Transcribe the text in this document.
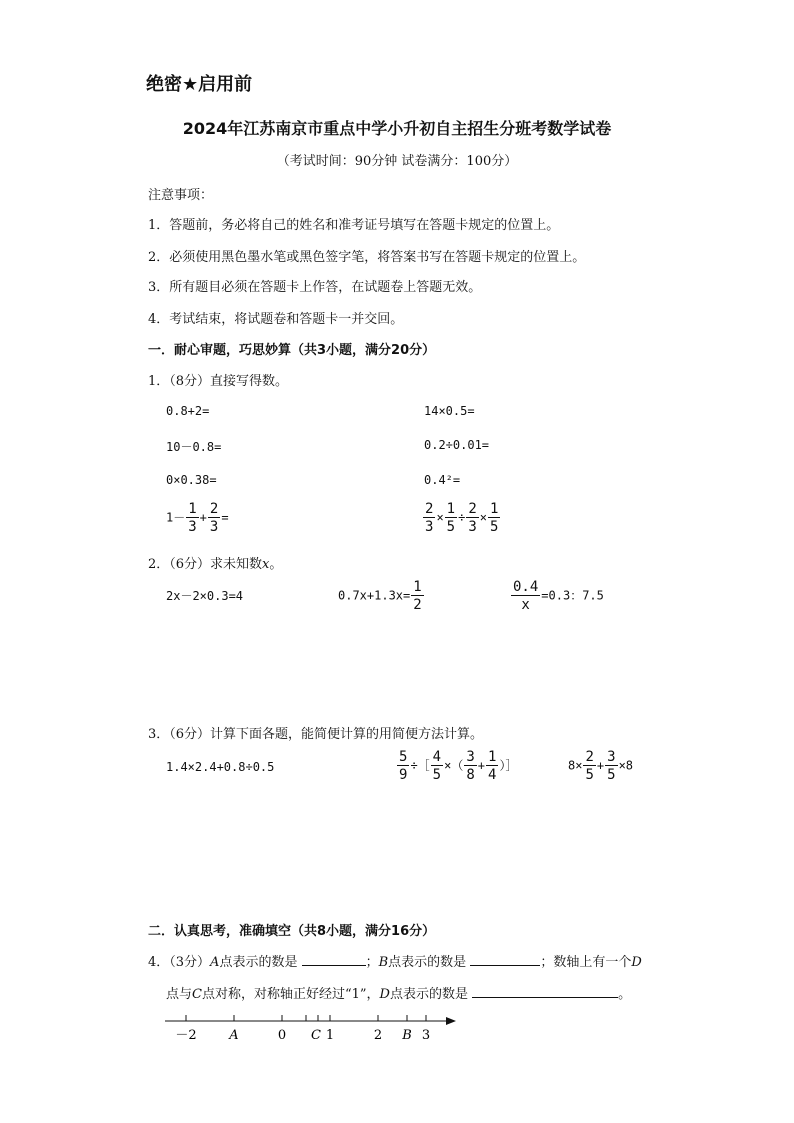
绝密★启用前
2024年江苏南京市重点中学小升初自主招生分班考数学试卷
（考试时间：90分钟 试卷满分：100分）
注意事项：
1．答题前，务必将自己的姓名和准考证号填写在答题卡规定的位置上。
2．必须使用黑色墨水笔或黑色签字笔，将答案书写在答题卡规定的位置上。
3．所有题目必须在答题卡上作答，在试题卷上答题无效。
4．考试结束，将试题卷和答题卡一并交回。
一．耐心审题，巧思妙算（共3小题，满分20分）
1．（8分）直接写得数。
0.8+2=	14×0.5=
10－0.8=	0.2÷0.01=
0×0.38=	0.4²=
$1- \frac{1}{3} + \frac{2}{3}$ =	$\frac{2}{3} \times \frac{1}{5} \div \frac{2}{3} \times \frac{1}{5}$
2．（6分）求未知数x。
2x－2×0.3=4	$0.7x+1.3x= \frac{1}{2}$	$\frac{0.4}{x} =0.3$：7.5
3．（6分）计算下面各题，能简便计算的用简便方法计算。
1.4×2.4+0.8÷0.5	$\frac{5}{9}$ ÷［ $\frac{4}{5}$ ×（ $\frac{3}{8} + \frac{1}{4}$ ）］	$8\times \frac{2}{5} + \frac{3}{5} \times 8$
二．认真思考，准确填空（共8小题，满分16分）
4．（3分）A点表示的数是	；B点表示的数是	；数轴上有一个D
点与C点对称，对称轴正好经过“1”，D点表示的数是	。
－2	A	0 C 1	2 B 3
